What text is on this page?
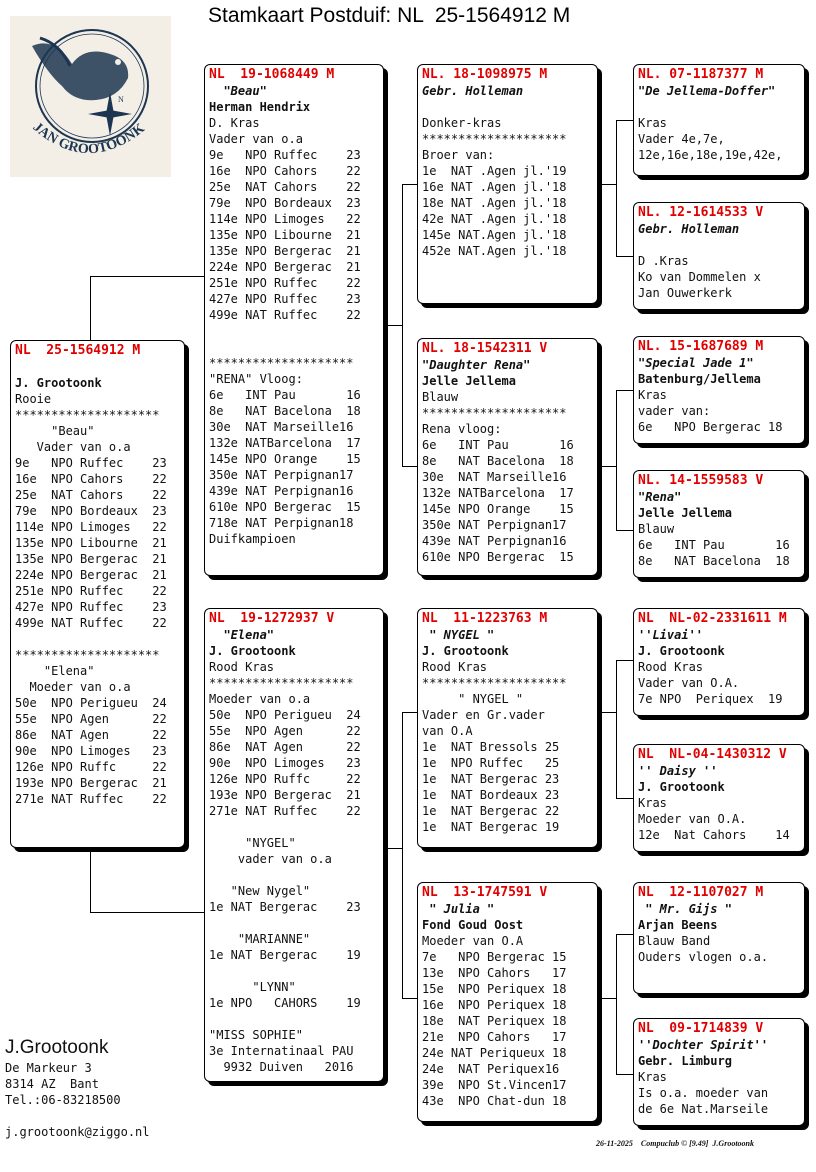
Stamkaart Postduif: NL  25-1564912 M
N
JAN GROOTOONK
NL  25-1564912 M
J. Grootoonk
Rooie
********************
"Beau"
Vader van o.a
9e   NPO Ruffec    23
16e  NPO Cahors    22
25e  NAT Cahors    22
79e  NPO Bordeaux  23
114e NPO Limoges   22
135e NPO Libourne  21
135e NPO Bergerac  21
224e NPO Bergerac  21
251e NPO Ruffec    22
427e NPO Ruffec    23
499e NAT Ruffec    22
********************
"Elena"
Moeder van o.a
50e  NPO Perigueu  24
55e  NPO Agen      22
86e  NAT Agen      22
90e  NPO Limoges   23
126e NPO Ruffc     22
193e NPO Bergerac  21
271e NAT Ruffec    22
NL  19-1068449 M
"Beau"
Herman Hendrix
D. Kras
Vader van o.a
9e   NPO Ruffec    23
16e  NPO Cahors    22
25e  NAT Cahors    22
79e  NPO Bordeaux  23
114e NPO Limoges   22
135e NPO Libourne  21
135e NPO Bergerac  21
224e NPO Bergerac  21
251e NPO Ruffec    22
427e NPO Ruffec    23
499e NAT Ruffec    22
********************
"RENA" Vloog:
6e   INT Pau       16
8e   NAT Bacelona  18
30e  NAT Marseille16
132e NATBarcelona  17
145e NPO Orange    15
350e NAT Perpignan17
439e NAT Perpignan16
610e NPO Bergerac  15
718e NAT Perpignan18
Duifkampioen
NL  19-1272937 V
"Elena"
J. Grootoonk
Rood Kras
********************
Moeder van o.a
50e  NPO Perigueu  24
55e  NPO Agen      22
86e  NAT Agen      22
90e  NPO Limoges   23
126e NPO Ruffc     22
193e NPO Bergerac  21
271e NAT Ruffec    22
"NYGEL"
vader van o.a
"New Nygel"
1e NAT Bergerac    23
"MARIANNE"
1e NAT Bergerac    19
"LYNN"
1e NPO   CAHORS    19
"MISS SOPHIE"
3e Internatinaal PAU
9932 Duiven   2016
NL. 18-1098975 M
Gebr. Holleman
Donker-kras
********************
Broer van:
1e  NAT .Agen jl.'19
16e NAT .Agen jl.'18
18e NAT .Agen jl.'18
42e NAT .Agen jl.'18
145e NAT.Agen jl.'18
452e NAT.Agen jl.'18
NL. 18-1542311 V
"Daughter Rena"
Jelle Jellema
Blauw
********************
Rena vloog:
6e   INT Pau       16
8e   NAT Bacelona  18
30e  NAT Marseille16
132e NATBarcelona  17
145e NPO Orange    15
350e NAT Perpignan17
439e NAT Perpignan16
610e NPO Bergerac  15
NL  11-1223763 M
" NYGEL "
J. Grootoonk
Rood Kras
********************
" NYGEL "
Vader en Gr.vader
van O.A
1e  NAT Bressols 25
1e  NPO Ruffec   25
1e  NAT Bergerac 23
1e  NAT Bordeaux 23
1e  NAT Bergerac 22
1e  NAT Bergerac 19
NL  13-1747591 V
" Julia "
Fond Goud Oost
Moeder van O.A
7e   NPO Bergerac 15
13e  NPO Cahors   17
15e  NPO Periquex 18
16e  NPO Periquex 18
18e  NAT Periquex 18
21e  NPO Cahors   17
24e NAT Periqueux 18
24e  NAT Periquex16
39e  NPO St.Vincen17
43e  NPO Chat-dun 18
NL. 07-1187377 M
"De Jellema-Doffer"
Kras
Vader 4e,7e,
12e,16e,18e,19e,42e,
NL. 12-1614533 V
Gebr. Holleman
D .Kras
Ko van Dommelen x
Jan Ouwerkerk
NL. 15-1687689 M
"Special Jade 1"
Batenburg/Jellema
Kras
vader van:
6e   NPO Bergerac 18
NL. 14-1559583 V
"Rena"
Jelle Jellema
Blauw
6e   INT Pau       16
8e   NAT Bacelona  18
NL  NL-02-2331611 M
''Livai''
J. Grootoonk
Rood Kras
Vader van O.A.
7e NPO  Periquex  19
NL  NL-04-1430312 V
'' Daisy ''
J. Grootoonk
Kras
Moeder van O.A.
12e  Nat Cahors    14
NL  12-1107027 M
" Mr. Gijs "
Arjan Beens
Blauw Band
Ouders vlogen o.a.
NL  09-1714839 V
''Dochter Spirit''
Gebr. Limburg
Kras
Is o.a. moeder van
de 6e Nat.Marseile
J.Grootoonk
De Markeur 3
8314 AZ  Bant
Tel.:06-83218500
j.grootoonk@ziggo.nl
26-11-2025    Compuclub © [9.49]  J.Grootoonk
